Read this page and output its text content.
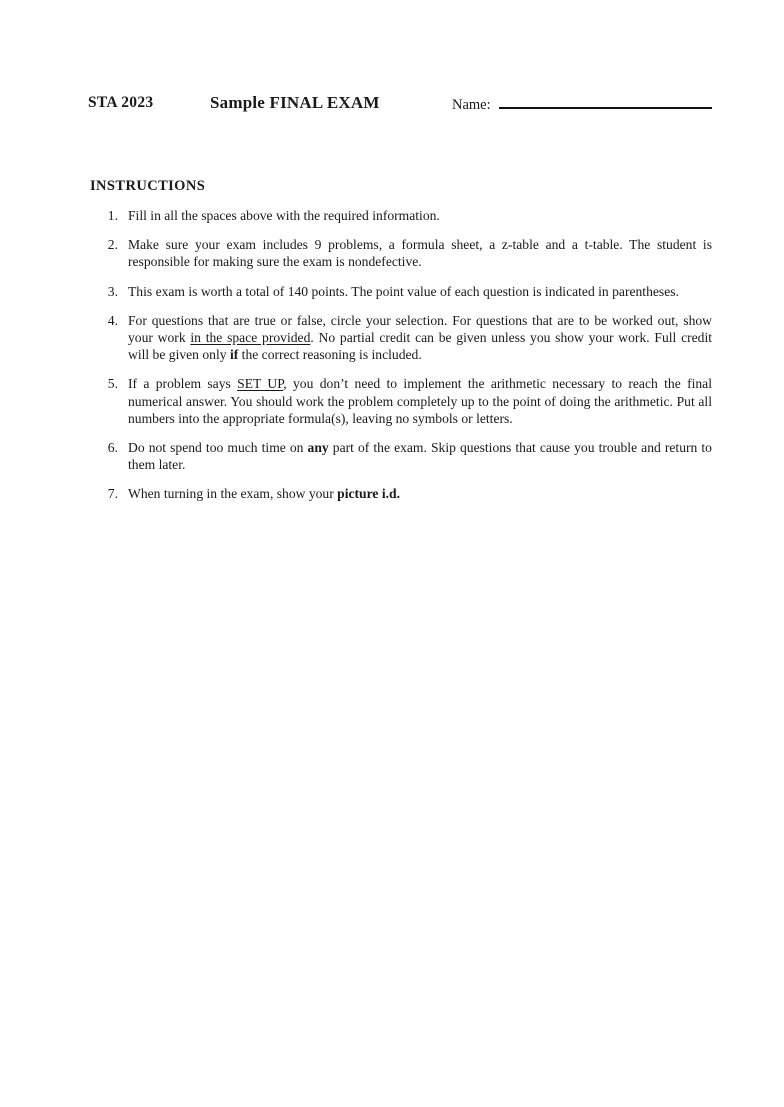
STA 2023	Sample FINAL EXAM	Name:
INSTRUCTIONS
1. Fill in all the spaces above with the required information.
2. Make sure your exam includes 9 problems, a formula sheet, a z-table and a t-table. The student is responsible for making sure the exam is nondefective.
3. This exam is worth a total of 140 points. The point value of each question is indicated in parentheses.
4. For questions that are true or false, circle your selection. For questions that are to be worked out, show your work in the space provided. No partial credit can be given unless you show your work. Full credit will be given only if the correct reasoning is included.
5. If a problem says SET UP, you don’t need to implement the arithmetic necessary to reach the final numerical answer. You should work the problem completely up to the point of doing the arithmetic. Put all numbers into the appropriate formula(s), leaving no symbols or letters.
6. Do not spend too much time on any part of the exam. Skip questions that cause you trouble and return to them later.
7. When turning in the exam, show your picture i.d.
